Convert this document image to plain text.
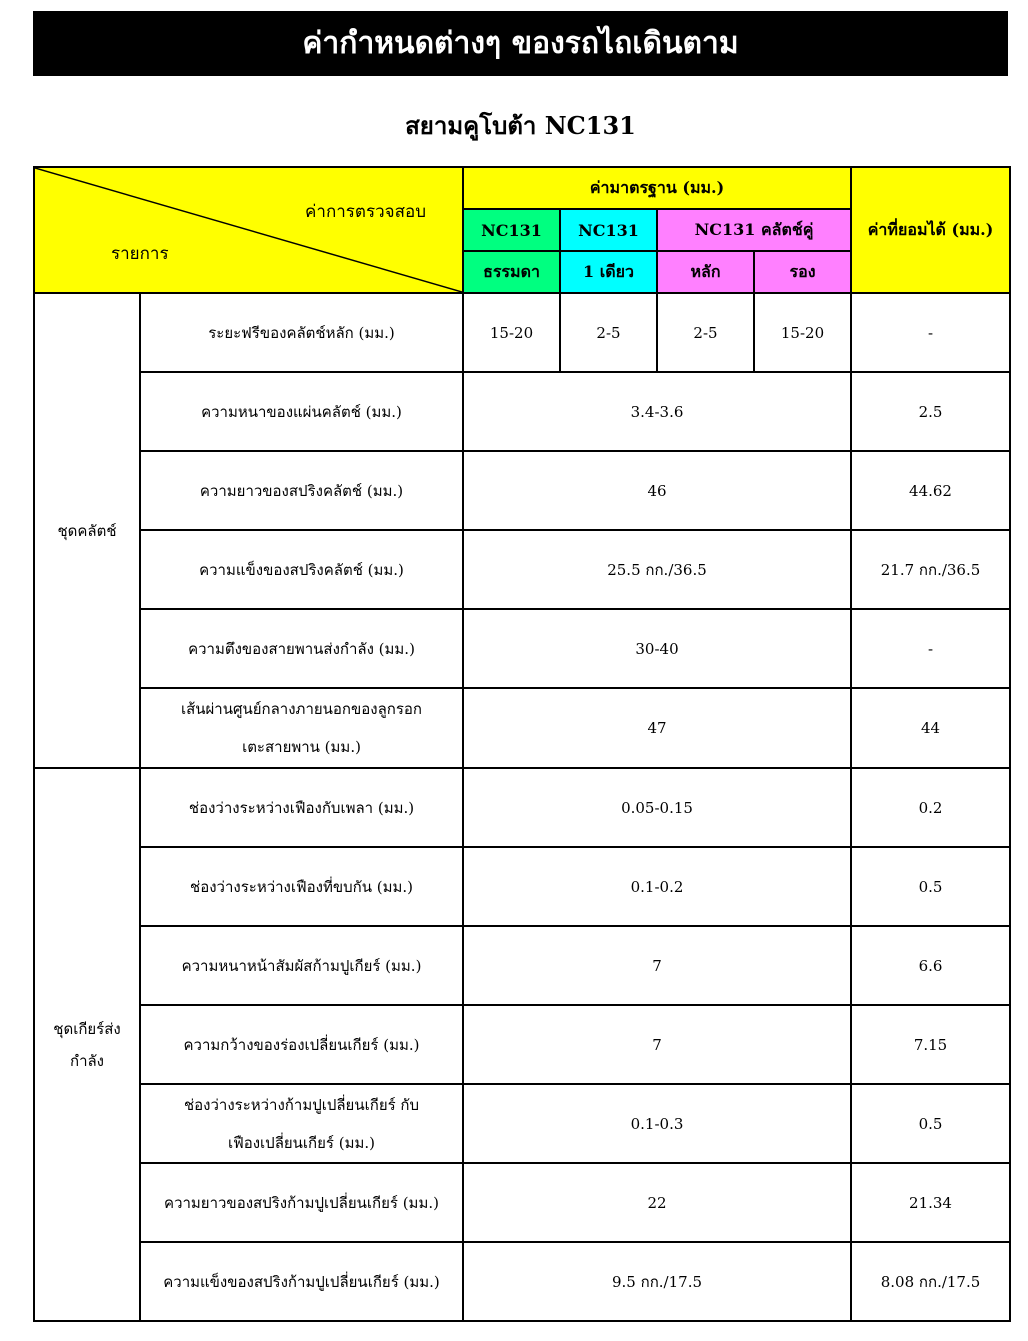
ค่ากำหนดต่างๆ ของรถไถเดินตาม
สยามคูโบต้า NC131
ค่าการตรวจสอบ
รายการ		ค่ามาตรฐาน (มม.)				ค่าที่ยอมได้ (มม.)
		NC131	NC131	NC131 คลัตช์คู่		
		ธรรมดา	1 เดียว	หลัก	รอง	
ชุดคลัตช์	ระยะฟรีของคลัตช์หลัก (มม.)	15-20	2-5	2-5	15-20	-
	ความหนาของแผ่นคลัตช์ (มม.)	3.4-3.6				2.5
	ความยาวของสปริงคลัตช์ (มม.)	46				44.62
	ความแข็งของสปริงคลัตช์ (มม.)	25.5 กก./36.5				21.7 กก./36.5
	ความตึงของสายพานส่งกำลัง (มม.)	30-40				-

	เส้นผ่านศูนย์กลางภายนอกของลูกรอก
เตะสายพาน (มม.)	47				44

ชุดเกียร์ส่ง
กำลัง	ช่องว่างระหว่างเฟืองกับเพลา (มม.)	0.05-0.15				0.2
	ช่องว่างระหว่างเฟืองที่ขบกัน (มม.)	0.1-0.2				0.5
	ความหนาหน้าสัมผัสก้ามปูเกียร์ (มม.)	7				6.6
	ความกว้างของร่องเปลี่ยนเกียร์ (มม.)	7				7.15

	ช่องว่างระหว่างก้ามปูเปลี่ยนเกียร์ กับ
เฟืองเปลี่ยนเกียร์ (มม.)	0.1-0.3				0.5
	ความยาวของสปริงก้ามปูเปลี่ยนเกียร์ (มม.)	22				21.34
	ความแข็งของสปริงก้ามปูเปลี่ยนเกียร์ (มม.)	9.5 กก./17.5				8.08 กก./17.5
